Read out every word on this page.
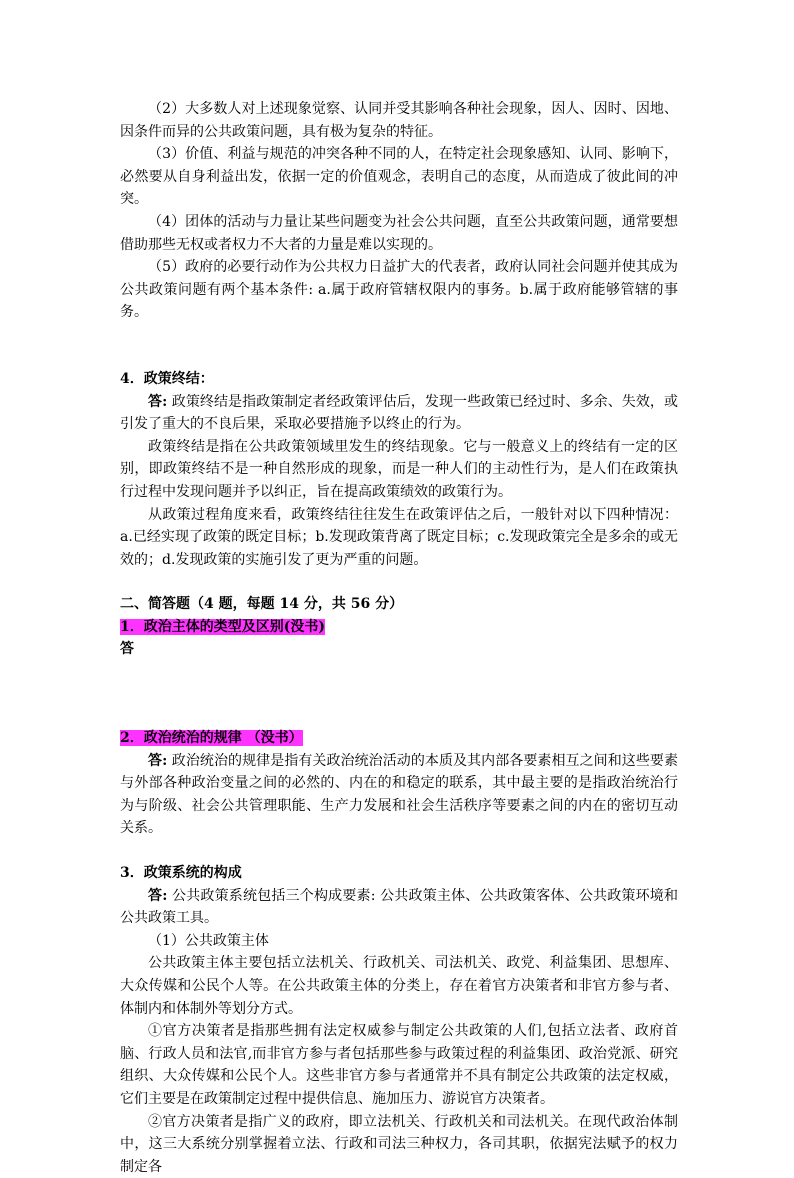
（2）大多数人对上述现象觉察、认同并受其影响各种社会现象，因人、因时、因地、因条件而异的公共政策问题，具有极为复杂的特征。

（3）价值、利益与规范的冲突各种不同的人，在特定社会现象感知、认同、影响下，必然要从自身利益出发，依据一定的价值观念，表明自己的态度，从而造成了彼此间的冲突。

（4）团体的活动与力量让某些问题变为社会公共问题，直至公共政策问题，通常要想借助那些无权或者权力不大者的力量是难以实现的。

（5）政府的必要行动作为公共权力日益扩大的代表者，政府认同社会问题并使其成为公共政策问题有两个基本条件: a.属于政府管辖权限内的事务。b.属于政府能够管辖的事务。

4．政策终结：

答: 政策终结是指政策制定者经政策评估后，发现一些政策已经过时、多余、失效，或引发了重大的不良后果，采取必要措施予以终止的行为。

政策终结是指在公共政策领域里发生的终结现象。它与一般意义上的终结有一定的区别，即政策终结不是一种自然形成的现象，而是一种人们的主动性行为，是人们在政策执行过程中发现问题并予以纠正，旨在提高政策绩效的政策行为。

从政策过程角度来看，政策终结往往发生在政策评估之后，一般针对以下四种情况：a.已经实现了政策的既定目标；b.发现政策背离了既定目标；c.发现政策完全是多余的或无效的；d.发现政策的实施引发了更为严重的问题。

二、简答题（4 题，每题 14 分，共 56 分）

1．政治主体的类型及区别(没书)

答

2．政治统治的规律 （没书）

答: 政治统治的规律是指有关政治统治活动的本质及其内部各要素相互之间和这些要素与外部各种政治变量之间的必然的、内在的和稳定的联系，其中最主要的是指政治统治行为与阶级、社会公共管理职能、生产力发展和社会生活秩序等要素之间的内在的密切互动关系。

3．政策系统的构成

答: 公共政策系统包括三个构成要素: 公共政策主体、公共政策客体、公共政策环境和公共政策工具。

（1）公共政策主体

公共政策主体主要包括立法机关、行政机关、司法机关、政党、利益集团、思想库、大众传媒和公民个人等。在公共政策主体的分类上，存在着官方决策者和非官方参与者、体制内和体制外等划分方式。

①官方决策者是指那些拥有法定权威参与制定公共政策的人们,包括立法者、政府首脑、行政人员和法官,而非官方参与者包括那些参与政策过程的利益集团、政治党派、研究组织、大众传媒和公民个人。这些非官方参与者通常并不具有制定公共政策的法定权威，它们主要是在政策制定过程中提供信息、施加压力、游说官方决策者。

②官方决策者是指广义的政府，即立法机关、行政机关和司法机关。在现代政治体制中，这三大系统分别掌握着立法、行政和司法三种权力，各司其职，依据宪法赋予的权力制定各
